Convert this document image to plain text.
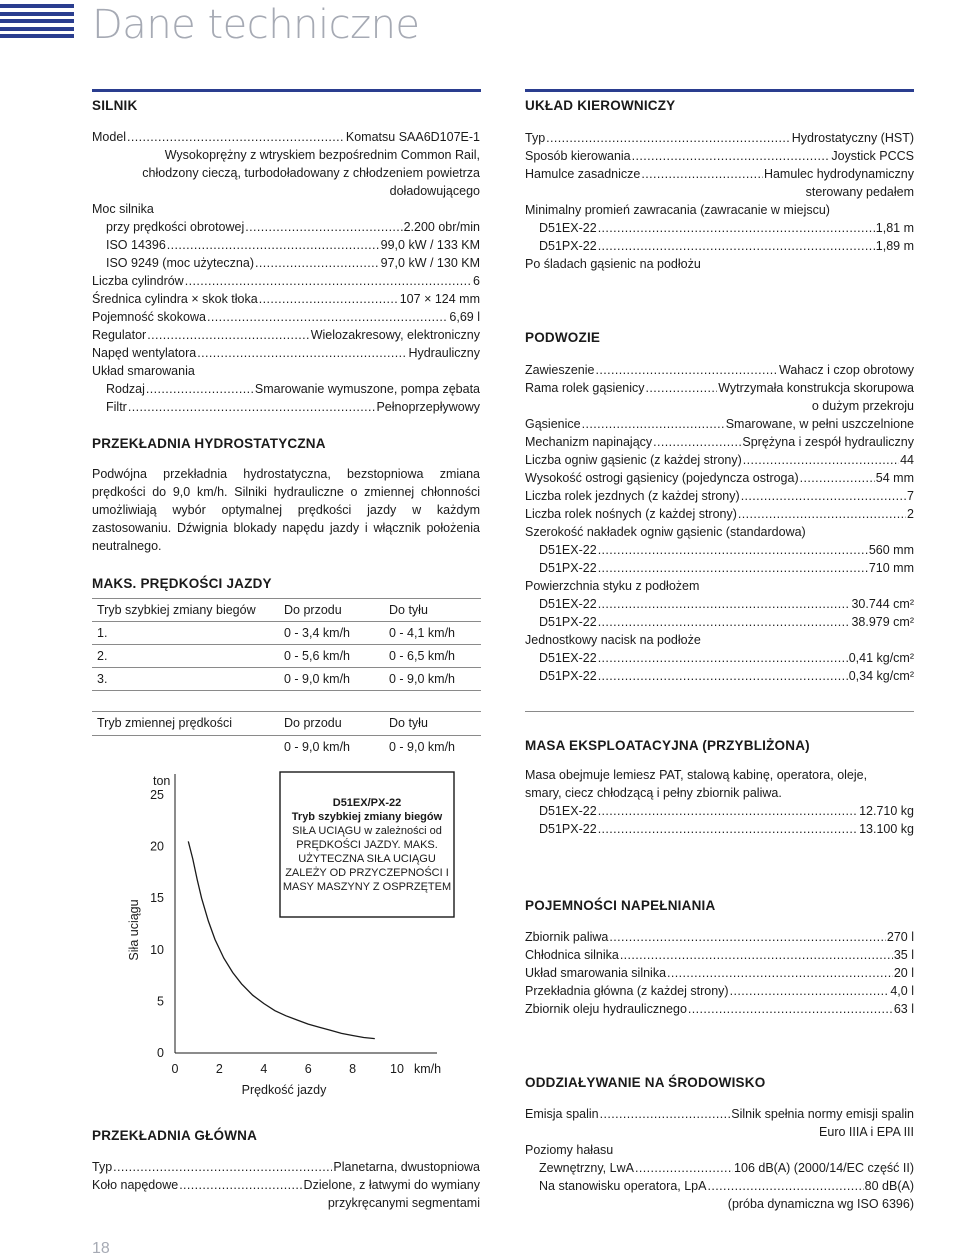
Dane techniczne
SILNIK
Model .....	Komatsu SAA6D107E-1
Wysokoprężny z wtryskiem bezpośrednim Common Rail,
chłodzony cieczą, turbodoładowany z chłodzeniem powietrza
doładowującego
Moc silnika
przy prędkości obrotowej .....	2.200 obr/min
ISO 14396 .....	99,0 kW / 133 KM
ISO 9249 (moc użyteczna) .....	97,0 kW / 130 KM
Liczba cylindrów .....	6
Średnica cylindra × skok tłoka .....	107 × 124 mm
Pojemność skokowa .....	6,69 l
Regulator .....	Wielozakresowy, elektroniczny
Napęd wentylatora .....	Hydrauliczny
Układ smarowania
Rodzaj .....	Smarowanie wymuszone, pompa zębata
Filtr .....	Pełnoprzepływowy
PRZEKŁADNIA HYDROSTATYCZNA
Podwójna przekładnia hydrostatyczna, bezstopniowa zmiana prędkości do 9,0 km/h. Silniki hydrauliczne o zmiennej chłonności umożliwiają wybór optymalnej prędkości jazdy w każdym zastosowaniu. Dźwignia blokady napędu jazdy i włącznik położenia neutralnego.
MAKS. PRĘDKOŚCI JAZDY
Tryb szybkiej zmiany biegów	Do przodu	Do tyłu
1.	0 - 3,4 km/h	0 - 4,1 km/h
2.	0 - 5,6 km/h	0 - 6,5 km/h
3.	0 - 9,0 km/h	0 - 9,0 km/h
Tryb zmiennej prędkości	Do przodu	Do tyłu
	0 - 9,0 km/h	0 - 9,0 km/h
Siła uciągu
ton
0
5
10
15
20
25
0	2	4	6	8	10 km/h
Prędkość jazdy
D51EX/PX-22
Tryb szybkiej zmiany biegów
SIŁA UCIĄGU w zależności od
PRĘDKOŚCI JAZDY. MAKS.
UŻYTECZNA SIŁA UCIĄGU
ZALEŻY OD PRZYCZEPNOŚCI I
MASY MASZYNY Z OSPRZĘTEM
PRZEKŁADNIA GŁÓWNA
Typ .....	Planetarna, dwustopniowa
Koło napędowe .....	Dzielone, z łatwymi do wymiany
przykręcanymi segmentami
UKŁAD KIEROWNICZY
Typ .....	Hydrostatyczny (HST)
Sposób kierowania .....	Joystick PCCS
Hamulce zasadnicze .....	Hamulec hydrodynamiczny
sterowany pedałem
Minimalny promień zawracania (zawracanie w miejscu)
D51EX-22 .....	1,81 m
D51PX-22 .....	1,89 m
Po śladach gąsienic na podłożu
PODWOZIE
Zawieszenie .....	Wahacz i czop obrotowy
Rama rolek gąsienicy .....	Wytrzymała konstrukcja skorupowa
o dużym przekroju
Gąsienice .....	Smarowane, w pełni uszczelnione
Mechanizm napinający .....	Sprężyna i zespół hydrauliczny
Liczba ogniw gąsienic (z każdej strony) .....	44
Wysokość ostrogi gąsienicy (pojedyncza ostroga) .....	54 mm
Liczba rolek jezdnych (z każdej strony) .....	7
Liczba rolek nośnych (z każdej strony) .....	2
Szerokość nakładek ogniw gąsienic (standardowa)
D51EX-22 .....	560 mm
D51PX-22 .....	710 mm
Powierzchnia styku z podłożem
D51EX-22 .....	30.744 cm²
D51PX-22 .....	38.979 cm²
Jednostkowy nacisk na podłoże
D51EX-22 .....	0,41 kg/cm²
D51PX-22 .....	0,34 kg/cm²
MASA EKSPLOATACYJNA (PRZYBLIŻONA)
Masa obejmuje lemiesz PAT, stalową kabinę, operatora, oleje,
smary, ciecz chłodzącą i pełny zbiornik paliwa.
D51EX-22 .....	12.710 kg
D51PX-22 .....	13.100 kg
POJEMNOŚCI NAPEŁNIANIA
Zbiornik paliwa .....	270 l
Chłodnica silnika .....	35 l
Układ smarowania silnika .....	20 l
Przekładnia główna (z każdej strony) .....	4,0 l
Zbiornik oleju hydraulicznego .....	63 l
ODDZIAŁYWANIE NA ŚRODOWISKO
Emisja spalin .....	Silnik spełnia normy emisji spalin
Euro IIIA i EPA III
Poziomy hałasu
Zewnętrzny, LwA .....	106 dB(A) (2000/14/EC część II)
Na stanowisku operatora, LpA .....	80 dB(A)
(próba dynamiczna wg ISO 6396)
18
